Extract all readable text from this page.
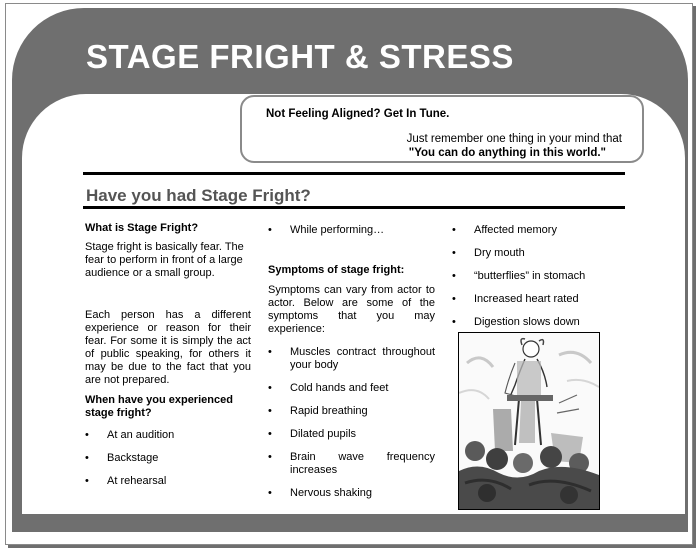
STAGE FRIGHT & STRESS
Not Feeling Aligned? Get In Tune.
Just remember one thing in your mind that
"You can do anything in this world."
Have you had Stage Fright?

What is Stage Fright?

Stage fright is basically fear. The fear to perform in front of a large audience or a small group.

Each person has a different experience or reason for their fear. For some it is simply the act of public speaking, for others it may be due to the fact that you are not prepared.

When have you experienced stage fright?

• At an audition
• Backstage
• At rehearsal
• While performing…

Symptoms of stage fright:

Symptoms can vary from actor to actor. Below are some of the symptoms that you may experience:

• Muscles contract throughout your body
• Cold hands and feet
• Rapid breathing
• Dilated pupils
• Brain wave frequency increases
• Nervous shaking
• Affected memory
• Dry mouth
• “butterflies” in stomach
• Increased heart rated
• Digestion slows down
